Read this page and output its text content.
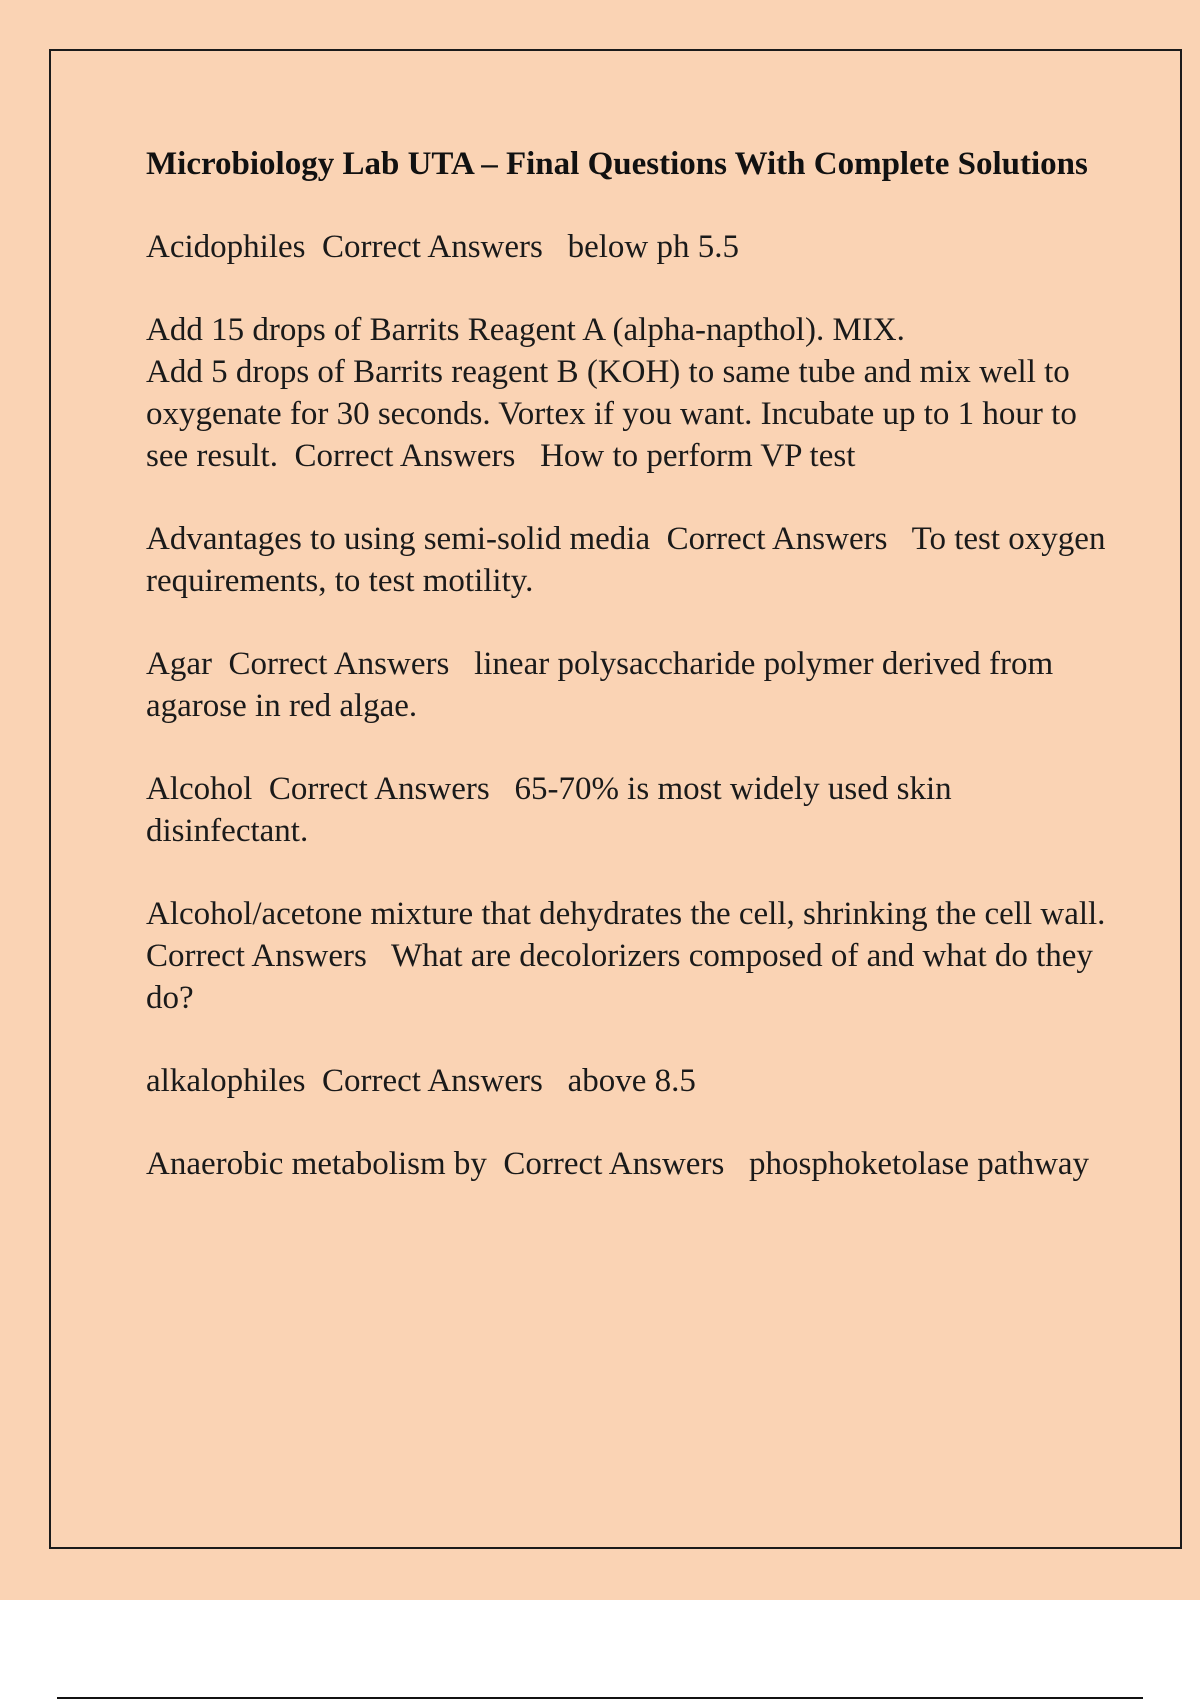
Microbiology Lab UTA – Final Questions With Complete Solutions

Acidophiles Correct Answers below ph 5.5

Add 15 drops of Barrits Reagent A (alpha-napthol). MIX.
Add 5 drops of Barrits reagent B (KOH) to same tube and mix well to oxygenate for 30 seconds. Vortex if you want. Incubate up to 1 hour to see result. Correct Answers How to perform VP test

Advantages to using semi-solid media Correct Answers To test oxygen requirements, to test motility.

Agar Correct Answers linear polysaccharide polymer derived from agarose in red algae.

Alcohol Correct Answers 65-70% is most widely used skin disinfectant.

Alcohol/acetone mixture that dehydrates the cell, shrinking the cell wall.  Correct Answers What are decolorizers composed of and what do they do?

alkalophiles Correct Answers above 8.5

Anaerobic metabolism by Correct Answers phosphoketolase pathway
